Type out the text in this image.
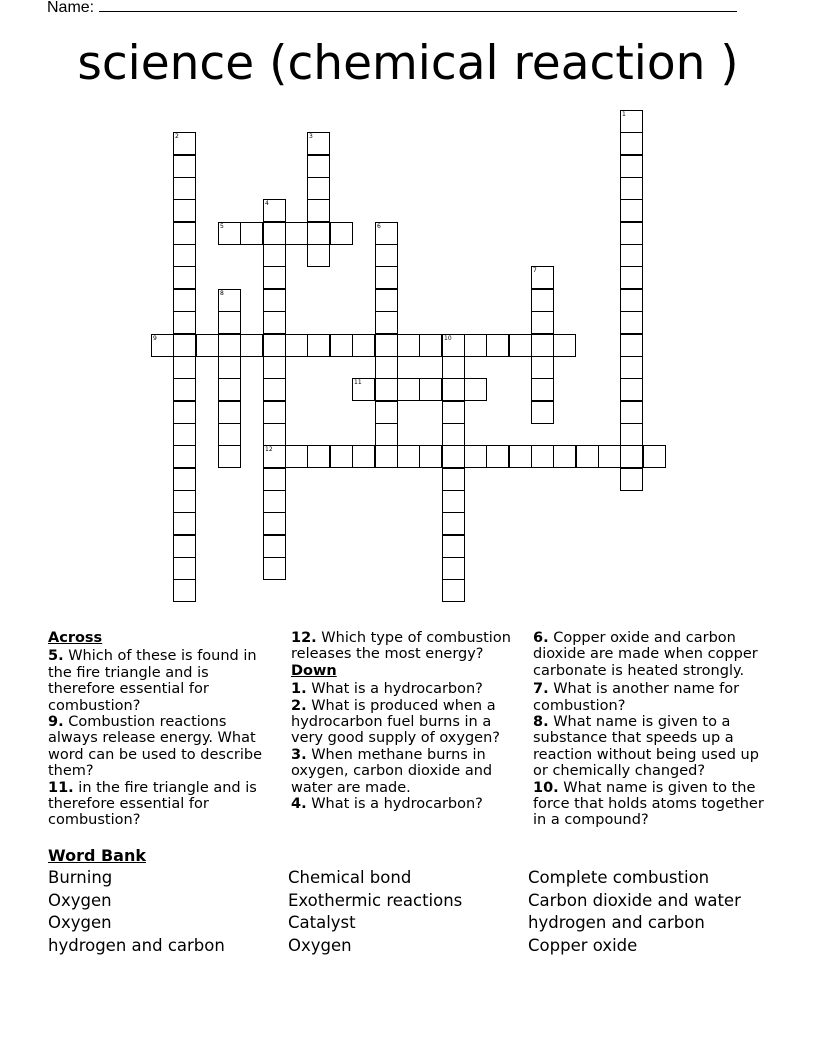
Name:
science (chemical reaction )
1
2	3
4
12
5	6
7
8
9	10
11
Across

5. Which of these is found in the fire triangle and is therefore essential for combustion?

9. Combustion reactions always release energy. What word can be used to describe them?

11. in the fire triangle and is therefore essential for combustion?

12. Which type of combustion releases the most energy?

Down

1. What is a hydrocarbon?

2. What is produced when a hydrocarbon fuel burns in a very good supply of oxygen?

3. When methane burns in oxygen, carbon dioxide and water are made.

4. What is a hydrocarbon?

6. Copper oxide and carbon dioxide are made when copper carbonate is heated strongly.

7. What is another name for combustion?

8. What name is given to a substance that speeds up a reaction without being used up or chemically changed?

10. What name is given to the force that holds atoms together in a compound?

Word Bank
Burning
Oxygen
Oxygen
hydrogen and carbon
Chemical bond
Exothermic reactions
Catalyst
Oxygen
Complete combustion
Carbon dioxide and water
hydrogen and carbon
Copper oxide
